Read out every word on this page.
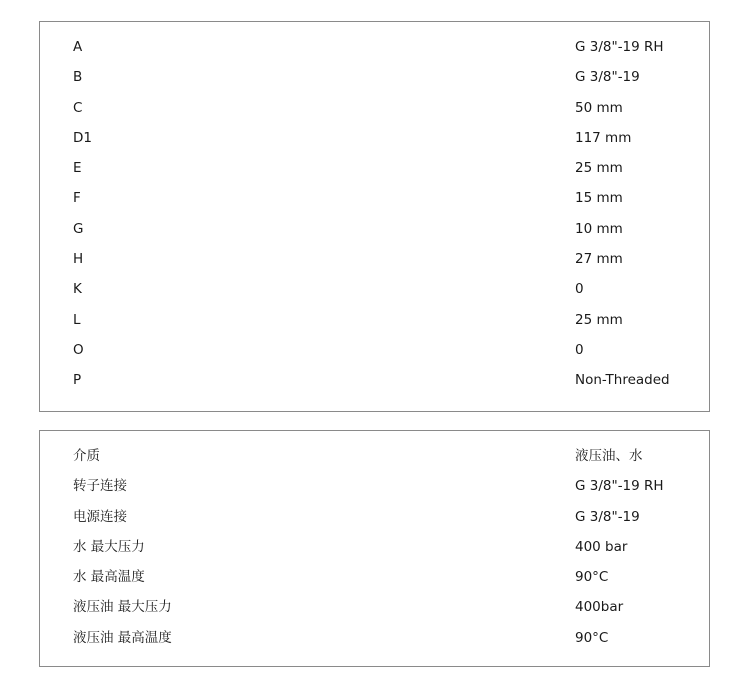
A	G 3/8"-19 RH
B	G 3/8"-19
C	50 mm
D1	117 mm
E	25 mm
F	15 mm
G	10 mm
H	27 mm
K	0
L	25 mm
O	0
P	Non-Threaded
介质	液压油、水
转子连接	G 3/8"-19 RH
电源连接	G 3/8"-19
水 最大压力	400 bar
水 最高温度	90°C
液压油 最大压力	400bar
液压油 最高温度	90°C
